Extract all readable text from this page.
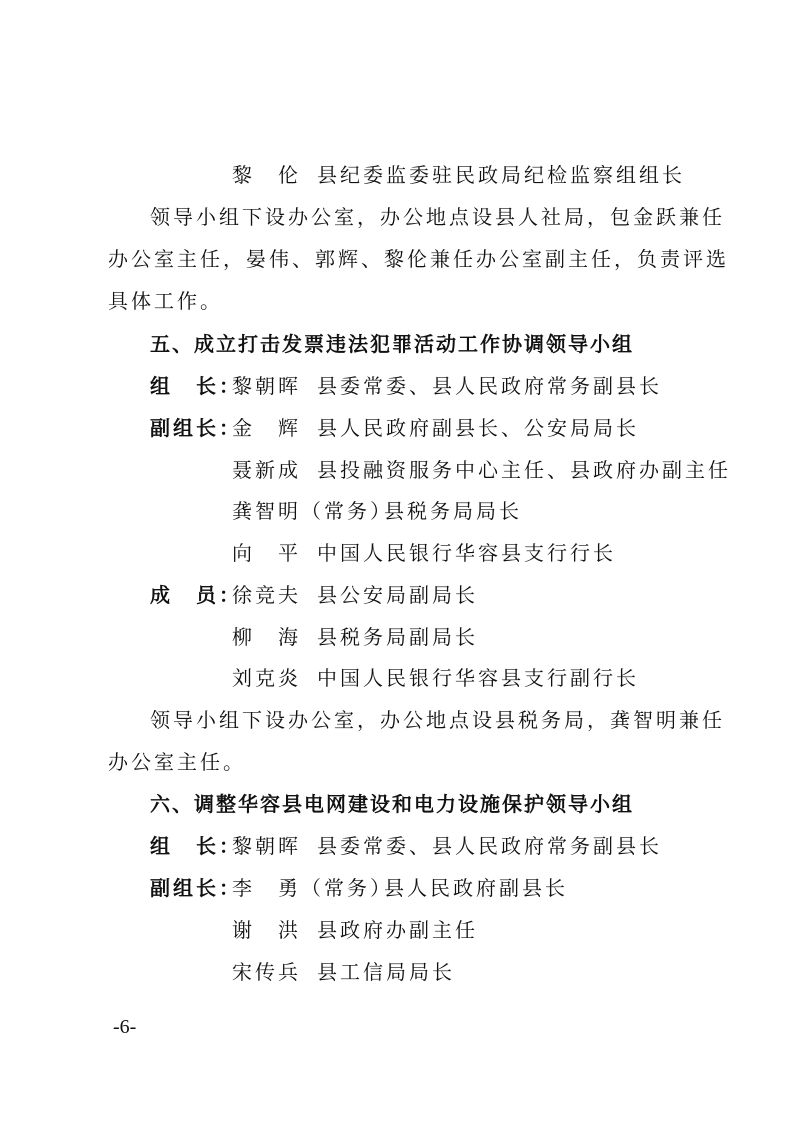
黎　伦 县纪委监委驻民政局纪检监察组组长
领导小组下设办公室，办公地点设县人社局，包金跃兼任
办公室主任，晏伟、郭辉、黎伦兼任办公室副主任，负责评选
具体工作。
五、成立打击发票违法犯罪活动工作协调领导小组
组　长：
黎朝晖 县委常委、县人民政府常务副县长
副组长：
金　辉 县人民政府副县长、公安局局长
聂新成 县投融资服务中心主任、县政府办副主任
龚智明（常务）
县税务局局长
向　平 中国人民银行华容县支行行长
成　员：
徐竞夫 县公安局副局长
柳　海 县税务局副局长
刘克炎 中国人民银行华容县支行副行长
领导小组下设办公室，办公地点设县税务局，龚智明兼任
办公室主任。
六、调整华容县电网建设和电力设施保护领导小组
组　长：
黎朝晖 县委常委、县人民政府常务副县长
副组长：
李　勇（常务）
县人民政府副县长
谢　洪 县政府办副主任
宋传兵 县工信局局长
-6-
